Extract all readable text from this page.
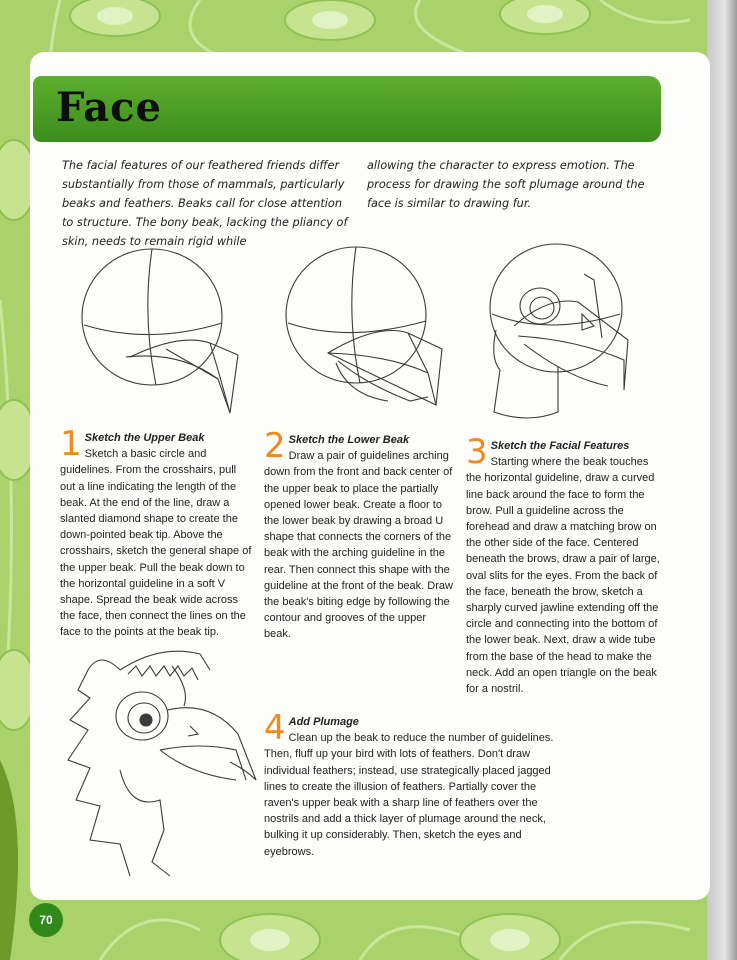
Face

The facial features of our feathered friends differ substantially from those of mammals, particularly beaks and feathers. Beaks call for close attention to structure. The bony beak, lacking the pliancy of skin, needs to remain rigid while

allowing the character to express emotion. The process for drawing the soft plumage around the face is similar to drawing fur.

1 Sketch the Upper Beak
Sketch a basic circle and guidelines. From the crosshairs, pull out a line indicating the length of the beak. At the end of the line, draw a slanted diamond shape to create the down-pointed beak tip. Above the crosshairs, sketch the general shape of the upper beak. Pull the beak down to the horizontal guideline in a soft V shape. Spread the beak wide across the face, then connect the lines on the face to the points at the beak tip.
2 Sketch the Lower Beak
Draw a pair of guidelines arching down from the front and back center of the upper beak to place the partially opened lower beak. Create a floor to the lower beak by drawing a broad U shape that connects the corners of the beak with the arching guideline in the rear. Then connect this shape with the guideline at the front of the beak. Draw the beak's biting edge by following the contour and grooves of the upper beak.
3 Sketch the Facial Features
Starting where the beak touches the horizontal guideline, draw a curved line back around the face to form the brow. Pull a guideline across the forehead and draw a matching brow on the other side of the face. Centered beneath the brows, draw a pair of large, oval slits for the eyes. From the back of the face, beneath the brow, sketch a sharply curved jawline extending off the circle and connecting into the bottom of the lower beak. Next, draw a wide tube from the base of the head to make the neck. Add an open triangle on the beak for a nostril.
4 Add Plumage
Clean up the beak to reduce the number of guidelines. Then, fluff up your bird with lots of feathers. Don't draw individual feathers; instead, use strategically placed jagged lines to create the illusion of feathers. Partially cover the raven's upper beak with a sharp line of feathers over the nostrils and add a thick layer of plumage around the neck, bulking it up considerably. Then, sketch the eyes and eyebrows.
70
